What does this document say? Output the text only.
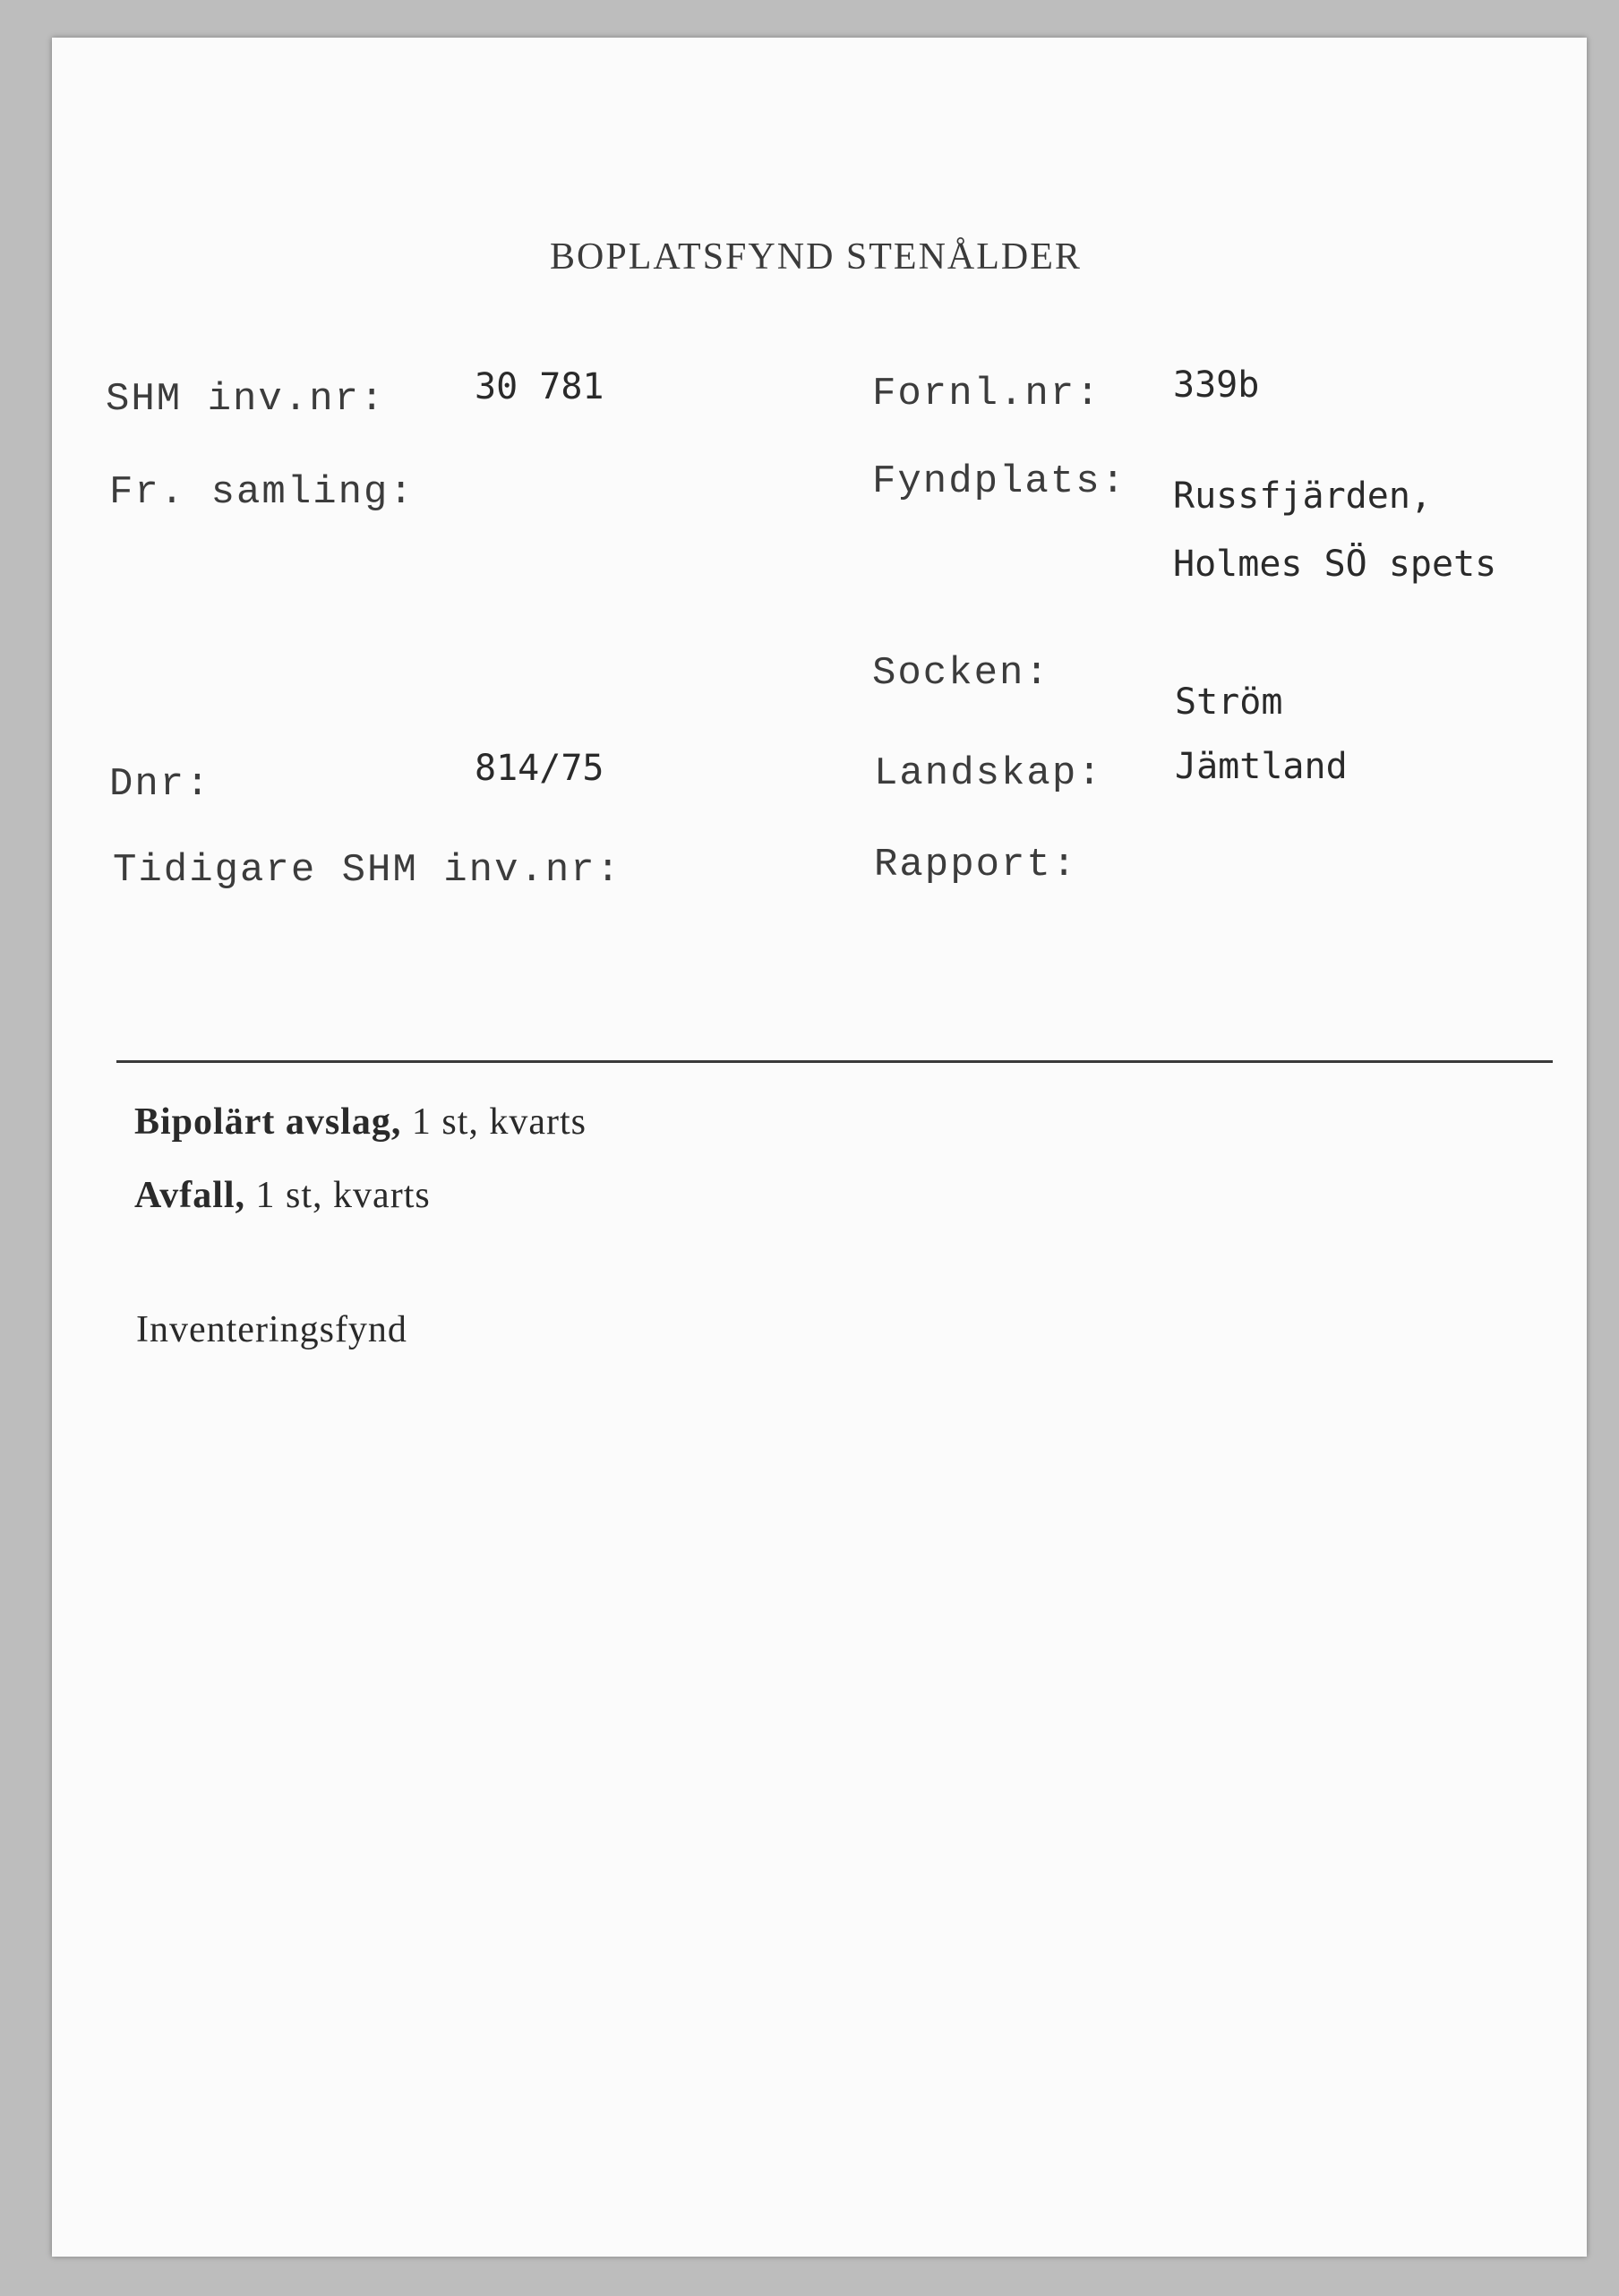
BOPLATSFYND STENÅLDER
SHM inv.nr: 30 781	Fornl.nr: 339b
Fr. samling:	Fyndplats: Russfjärden,
Holmes SÖ spets
Socken:
Ström
Dnr:	814/75	Landskap: Jämtland
Tidigare SHM inv.nr:	Rapport:
Bipolärt avslag, 1 st, kvarts
Avfall, 1 st, kvarts
Inventeringsfynd
